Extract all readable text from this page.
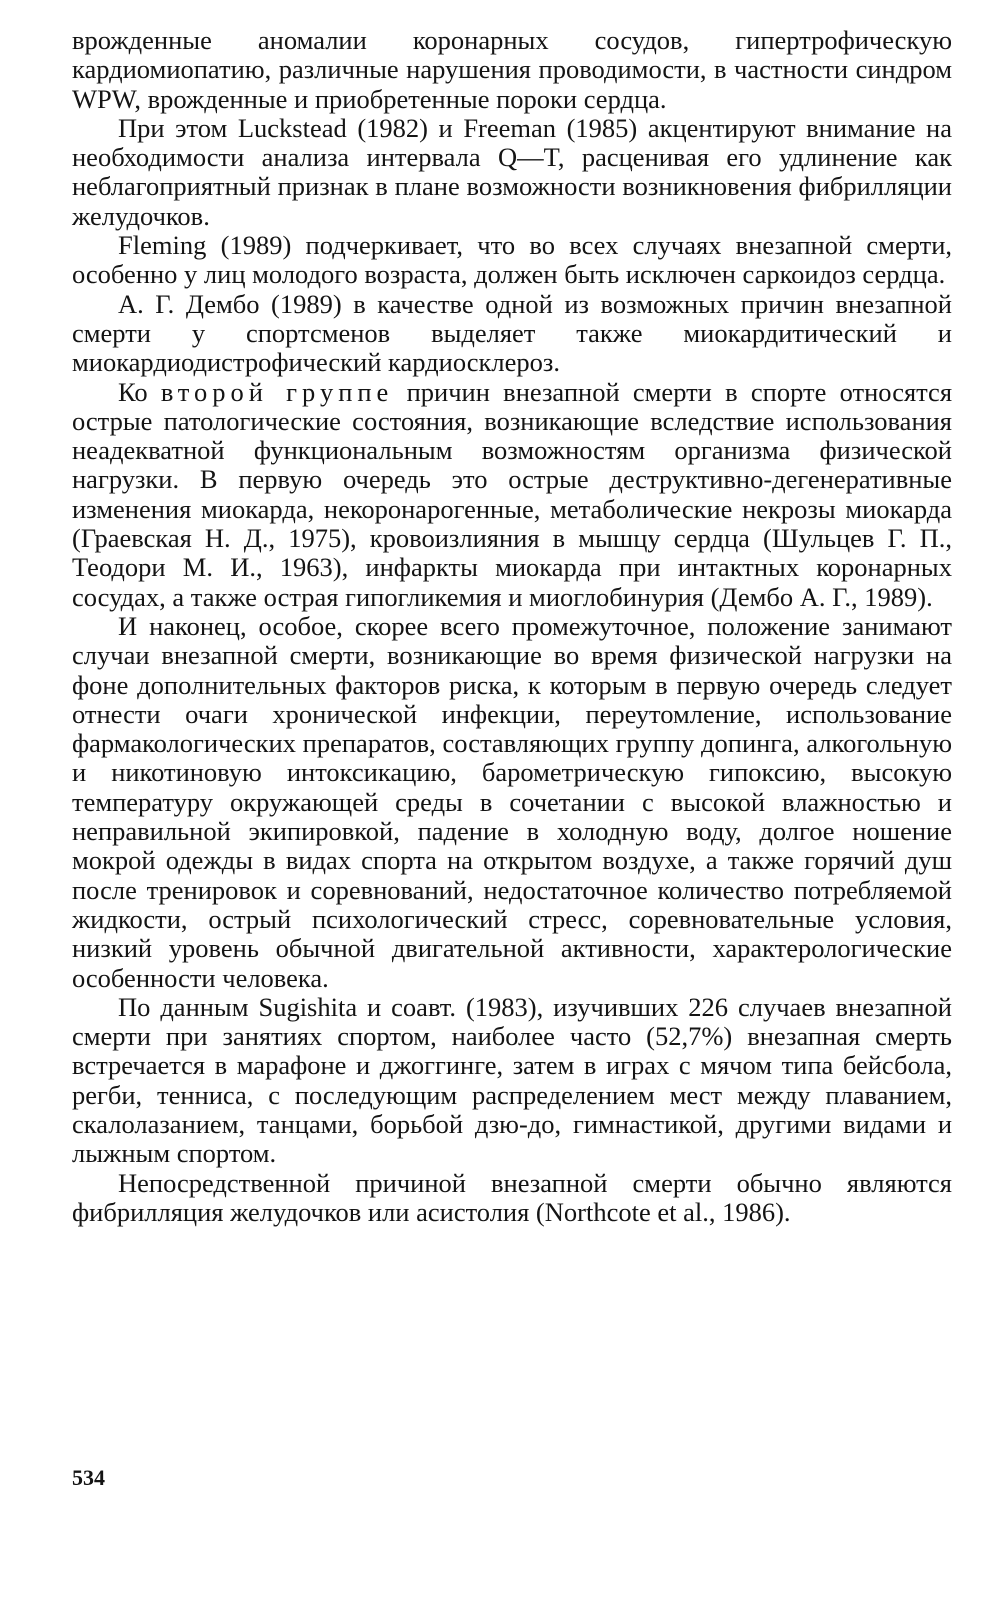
врожденные аномалии коронарных сосудов, гипертрофическую кардиомиопатию, различные нарушения проводимости, в частности синдром WPW, врожденные и приобретенные пороки сердца.

При этом Luckstead (1982) и Freeman (1985) акцентируют внимание на необходимости анализа интервала Q—T, расценивая его удлинение как неблагоприятный признак в плане возможности возникновения фибрилляции желудочков.

Fleming (1989) подчеркивает, что во всех случаях внезапной смерти, особенно у лиц молодого возраста, должен быть исключен саркоидоз сердца.

А. Г. Дембо (1989) в качестве одной из возможных причин внезапной смерти у спортсменов выделяет также миокардитический и миокардиодистрофический кардиосклероз.

Ко второй группе причин внезапной смерти в спорте относятся острые патологические состояния, возникающие вследствие использования неадекватной функциональным возможностям организма физической нагрузки. В первую очередь это острые деструктивно-дегенеративные изменения миокарда, некоронарогенные, метаболические некрозы миокарда (Граевская Н. Д., 1975), кровоизлияния в мышцу сердца (Шульцев Г. П., Теодори М. И., 1963), инфаркты миокарда при интактных коронарных сосудах, а также острая гипогликемия и миоглобинурия (Дембо А. Г., 1989).

И наконец, особое, скорее всего промежуточное, положение занимают случаи внезапной смерти, возникающие во время физической нагрузки на фоне дополнительных факторов риска, к которым в первую очередь следует отнести очаги хронической инфекции, переутомление, использование фармакологических препаратов, составляющих группу допинга, алкогольную и никотиновую интоксикацию, барометрическую гипоксию, высокую температуру окружающей среды в сочетании с высокой влажностью и неправильной экипировкой, падение в холодную воду, долгое ношение мокрой одежды в видах спорта на открытом воздухе, а также горячий душ после тренировок и соревнований, недостаточное количество потребляемой жидкости, острый психологический стресс, соревновательные условия, низкий уровень обычной двигательной активности, характерологические особенности человека.

По данным Sugishita и соавт. (1983), изучивших 226 случаев внезапной смерти при занятиях спортом, наиболее часто (52,7%) внезапная смерть встречается в марафоне и джоггинге, затем в играх с мячом типа бейсбола, регби, тенниса, с последующим распределением мест между плаванием, скалолазанием, танцами, борьбой дзю-до, гимнастикой, другими видами и лыжным спортом.

Непосредственной причиной внезапной смерти обычно являются фибрилляция желудочков или асистолия (Northcote et al., 1986).

534
